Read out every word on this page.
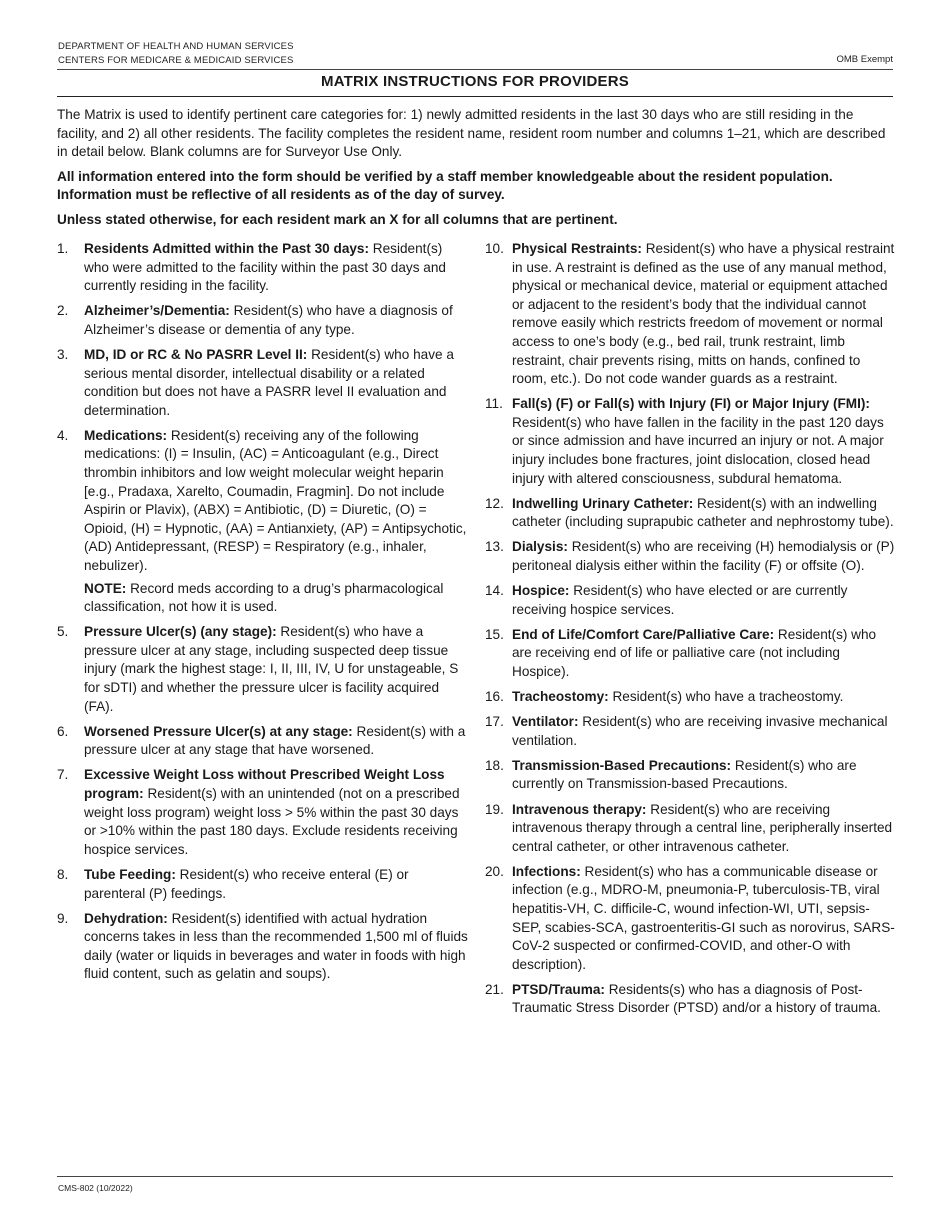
DEPARTMENT OF HEALTH AND HUMAN SERVICES
CENTERS FOR MEDICARE & MEDICAID SERVICES	OMB Exempt
MATRIX INSTRUCTIONS FOR PROVIDERS

The Matrix is used to identify pertinent care categories for: 1) newly admitted residents in the last 30 days who are still residing in the facility, and 2) all other residents. The facility completes the resident name, resident room number and columns 1–21, which are described in detail below. Blank columns are for Surveyor Use Only.

All information entered into the form should be verified by a staff member knowledgeable about the resident population. Information must be reflective of all residents as of the day of survey.

Unless stated otherwise, for each resident mark an X for all columns that are pertinent.

1. Residents Admitted within the Past 30 days: Resident(s) who were admitted to the facility within the past 30 days and currently residing in the facility.
2. Alzheimer’s/Dementia: Resident(s) who have a diagnosis of Alzheimer’s disease or dementia of any type.
3. MD, ID or RC & No PASRR Level II: Resident(s) who have a serious mental disorder, intellectual disability or a related condition but does not have a PASRR level II evaluation and determination.
4. Medications: Resident(s) receiving any of the following medications: (I) = Insulin, (AC) = Anticoagulant (e.g., Direct thrombin inhibitors and low weight molecular weight heparin [e.g., Pradaxa, Xarelto, Coumadin, Fragmin]. Do not include Aspirin or Plavix), (ABX) = Antibiotic, (D) = Diuretic, (O) = Opioid, (H) = Hypnotic, (AA) = Antianxiety, (AP) = Antipsychotic, (AD) Antidepressant, (RESP) = Respiratory (e.g., inhaler, nebulizer).
NOTE: Record meds according to a drug’s pharmacological classification, not how it is used.
5. Pressure Ulcer(s) (any stage): Resident(s) who have a pressure ulcer at any stage, including suspected deep tissue injury (mark the highest stage: I, II, III, IV, U for unstageable, S for sDTI) and whether the pressure ulcer is facility acquired (FA).
6. Worsened Pressure Ulcer(s) at any stage: Resident(s) with a pressure ulcer at any stage that have worsened.
7. Excessive Weight Loss without Prescribed Weight Loss program: Resident(s) with an unintended (not on a prescribed weight loss program) weight loss > 5% within the past 30 days or >10% within the past 180 days. Exclude residents receiving hospice services.
8. Tube Feeding: Resident(s) who receive enteral (E) or parenteral (P) feedings.
9. Dehydration: Resident(s) identified with actual hydration concerns takes in less than the recommended 1,500 ml of fluids daily (water or liquids in beverages and water in foods with high fluid content, such as gelatin and soups).
10. Physical Restraints: Resident(s) who have a physical restraint in use. A restraint is defined as the use of any manual method, physical or mechanical device, material or equipment attached or adjacent to the resident’s body that the individual cannot remove easily which restricts freedom of movement or normal access to one’s body (e.g., bed rail, trunk restraint, limb restraint, chair prevents rising, mitts on hands, confined to room, etc.). Do not code wander guards as a restraint.
11. Fall(s) (F) or Fall(s) with Injury (FI) or Major Injury (FMI): Resident(s) who have fallen in the facility in the past 120 days or since admission and have incurred an injury or not. A major injury includes bone fractures, joint dislocation, closed head injury with altered consciousness, subdural hematoma.
12. Indwelling Urinary Catheter: Resident(s) with an indwelling catheter (including suprapubic catheter and nephrostomy tube).
13. Dialysis: Resident(s) who are receiving (H) hemodialysis or (P) peritoneal dialysis either within the facility (F) or offsite (O).
14. Hospice: Resident(s) who have elected or are currently receiving hospice services.
15. End of Life/Comfort Care/Palliative Care: Resident(s) who are receiving end of life or palliative care (not including Hospice).
16. Tracheostomy: Resident(s) who have a tracheostomy.
17. Ventilator: Resident(s) who are receiving invasive mechanical ventilation.
18. Transmission-Based Precautions: Resident(s) who are currently on Transmission-based Precautions.
19. Intravenous therapy: Resident(s) who are receiving intravenous therapy through a central line, peripherally inserted central catheter, or other intravenous catheter.
20. Infections: Resident(s) who has a communicable disease or infection (e.g., MDRO-M, pneumonia-P, tuberculosis-TB, viral hepatitis-VH, C. difficile-C, wound infection-WI, UTI, sepsis-SEP, scabies-SCA, gastroenteritis-GI such as norovirus, SARS-CoV-2 suspected or confirmed-COVID, and other-O with description).
21. PTSD/Trauma: Residents(s) who has a diagnosis of Post-Traumatic Stress Disorder (PTSD) and/or a history of trauma.
CMS-802 (10/2022)
